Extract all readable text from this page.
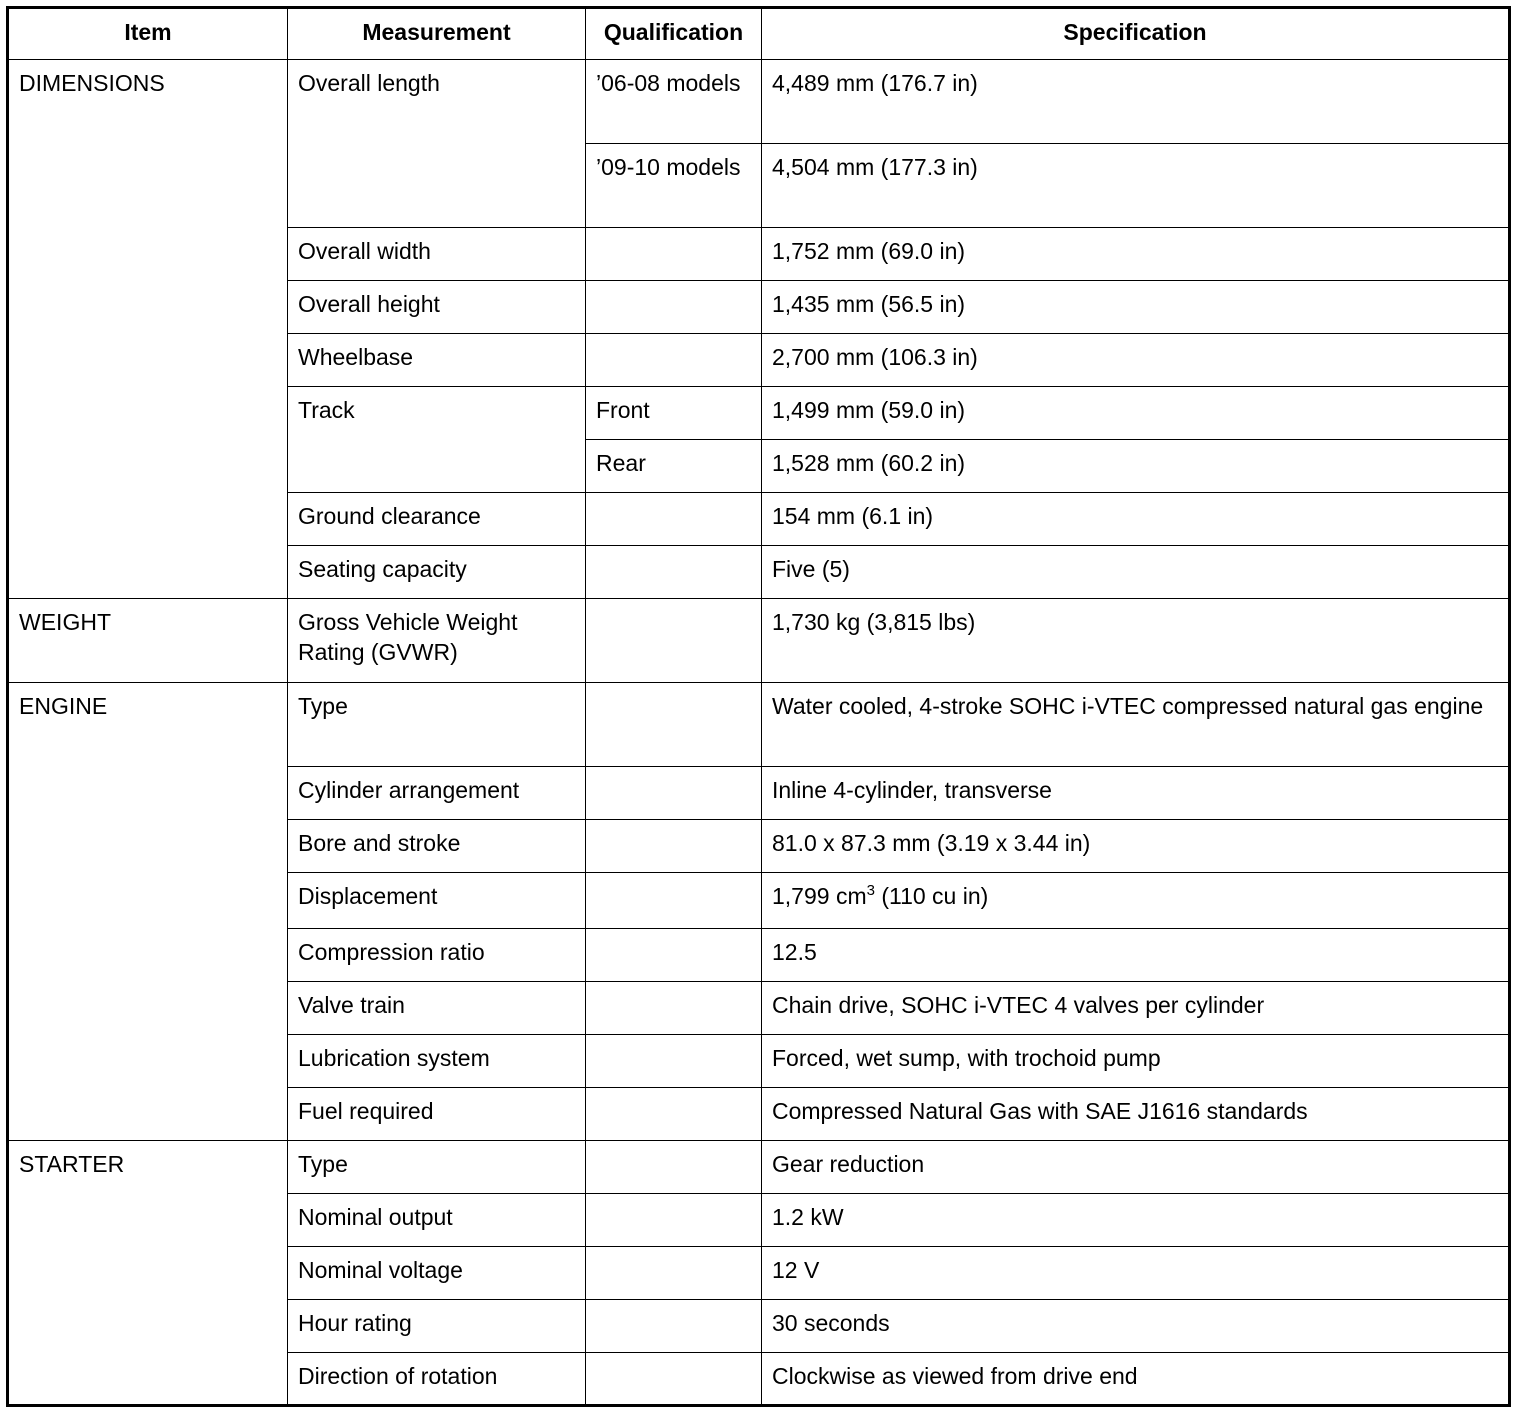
Item	Measurement	Qualification	Specification
DIMENSIONS	Overall length	’06-08 models	4,489 mm (176.7 in)
		’09-10 models	4,504 mm (177.3 in)
	Overall width		1,752 mm (69.0 in)
	Overall height		1,435 mm (56.5 in)
	Wheelbase		2,700 mm (106.3 in)
	Track	Front	1,499 mm (59.0 in)
		Rear	1,528 mm (60.2 in)
	Ground clearance		154 mm (6.1 in)
	Seating capacity		Five (5)
WEIGHT	Gross Vehicle Weight Rating (GVWR)		1,730 kg (3,815 lbs)
ENGINE	Type		Water cooled, 4-stroke SOHC i-VTEC compressed natural gas engine
	Cylinder arrangement		Inline 4-cylinder, transverse
	Bore and stroke		81.0 x 87.3 mm (3.19 x 3.44 in)
	Displacement		1,799 $cm^3$ (110 cu in)
	Compression ratio		12.5
	Valve train		Chain drive, SOHC i-VTEC 4 valves per cylinder
	Lubrication system		Forced, wet sump, with trochoid pump
	Fuel required		Compressed Natural Gas with SAE J1616 standards
STARTER	Type		Gear reduction
	Nominal output		1.2 kW
	Nominal voltage		12 V
	Hour rating		30 seconds
	Direction of rotation		Clockwise as viewed from drive end
